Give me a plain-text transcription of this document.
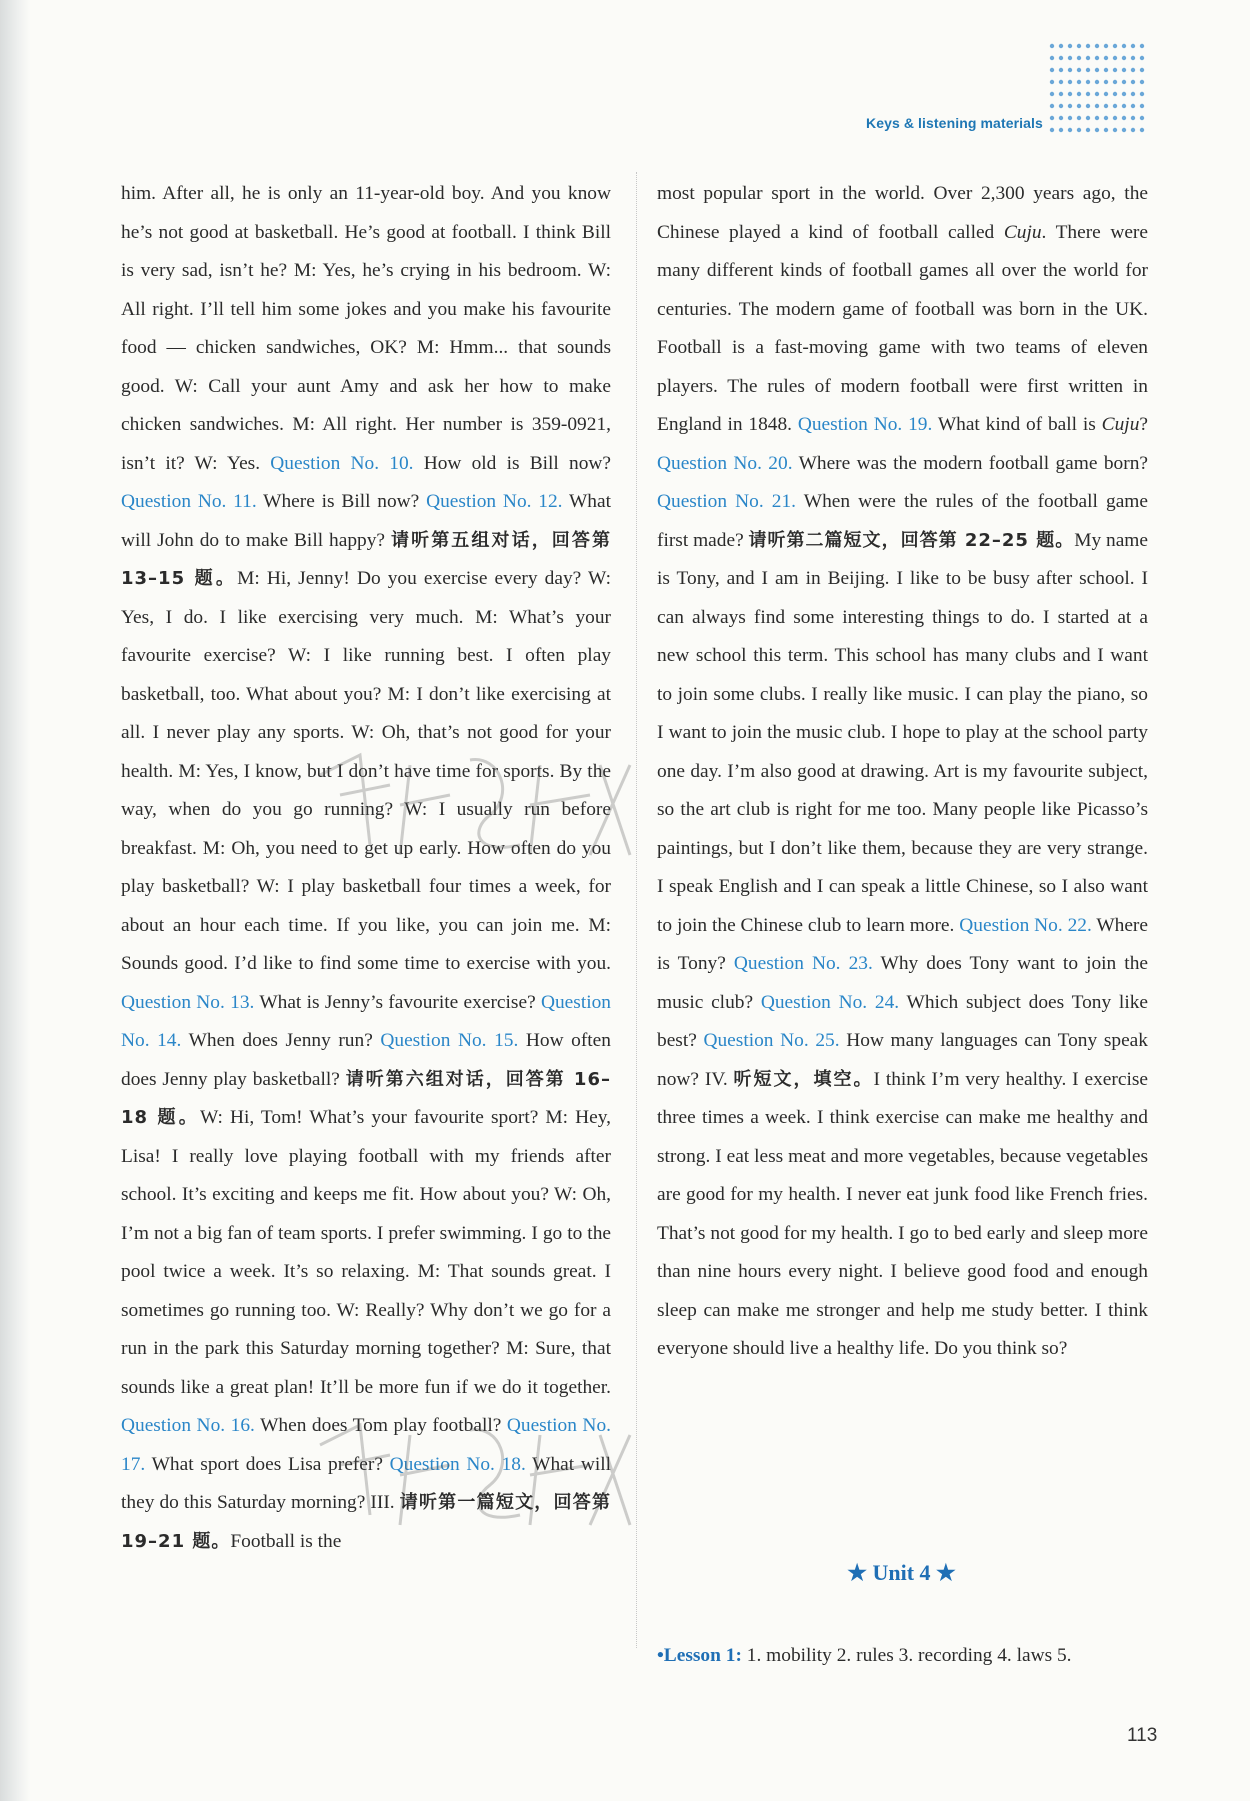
Keys & listening materials

him. After all, he is only an 11-year-old boy. And you know he’s not good at basketball. He’s good at football. I think Bill is very sad, isn’t he? M: Yes, he’s crying in his bedroom. W: All right. I’ll tell him some jokes and you make his favourite food — chicken sandwiches, OK? M: Hmm... that sounds good. W: Call your aunt Amy and ask her how to make chicken sandwiches. M: All right. Her number is 359-0921, isn’t it? W: Yes. Question No. 10. How old is Bill now? Question No. 11. Where is Bill now? Question No. 12. What will John do to make Bill happy? 请听第五组对话，回答第 13–15 题。M: Hi, Jenny! Do you exercise every day? W: Yes, I do. I like exercising very much. M: What’s your favourite exercise? W: I like running best. I often play basketball, too. What about you? M: I don’t like exercising at all. I never play any sports. W: Oh, that’s not good for your health. M: Yes, I know, but I don’t have time for sports. By the way, when do you go running? W: I usually run before breakfast. M: Oh, you need to get up early. How often do you play basketball? W: I play basketball four times a week, for about an hour each time. If you like, you can join me. M: Sounds good. I’d like to find some time to exercise with you. Question No. 13. What is Jenny’s favourite exercise? Question No. 14. When does Jenny run? Question No. 15. How often does Jenny play basketball? 请听第六组对话，回答第 16–18 题。W: Hi, Tom! What’s your favourite sport? M: Hey, Lisa! I really love playing football with my friends after school. It’s exciting and keeps me fit. How about you? W: Oh, I’m not a big fan of team sports. I prefer swimming. I go to the pool twice a week. It’s so relaxing. M: That sounds great. I sometimes go running too. W: Really? Why don’t we go for a run in the park this Saturday morning together? M: Sure, that sounds like a great plan! It’ll be more fun if we do it together. Question No. 16. When does Tom play football? Question No. 17. What sport does Lisa prefer? Question No. 18. What will they do this Saturday morning? III. 请听第一篇短文，回答第 19–21 题。Football is the

most popular sport in the world. Over 2,300 years ago, the Chinese played a kind of football called Cuju. There were many different kinds of football games all over the world for centuries. The modern game of football was born in the UK. Football is a fast-moving game with two teams of eleven players. The rules of modern football were first written in England in 1848. Question No. 19. What kind of ball is Cuju? Question No. 20. Where was the modern football game born? Question No. 21. When were the rules of the football game first made? 请听第二篇短文，回答第 22–25 题。My name is Tony, and I am in Beijing. I like to be busy after school. I can always find some interesting things to do. I started at a new school this term. This school has many clubs and I want to join some clubs. I really like music. I can play the piano, so I want to join the music club. I hope to play at the school party one day. I’m also good at drawing. Art is my favourite subject, so the art club is right for me too. Many people like Picasso’s paintings, but I don’t like them, because they are very strange. I speak English and I can speak a little Chinese, so I also want to join the Chinese club to learn more. Question No. 22. Where is Tony? Question No. 23. Why does Tony want to join the music club? Question No. 24. Which subject does Tony like best? Question No. 25. How many languages can Tony speak now? IV. 听短文，填空。I think I’m very healthy. I exercise three times a week. I think exercise can make me healthy and strong. I eat less meat and more vegetables, because vegetables are good for my health. I never eat junk food like French fries. That’s not good for my health. I go to bed early and sleep more than nine hours every night. I believe good food and enough sleep can make me stronger and help me study better. I think everyone should live a healthy life. Do you think so?

★ Unit 4 ★
•Lesson 1: 1. mobility 2. rules 3. recording 4. laws 5.
113
